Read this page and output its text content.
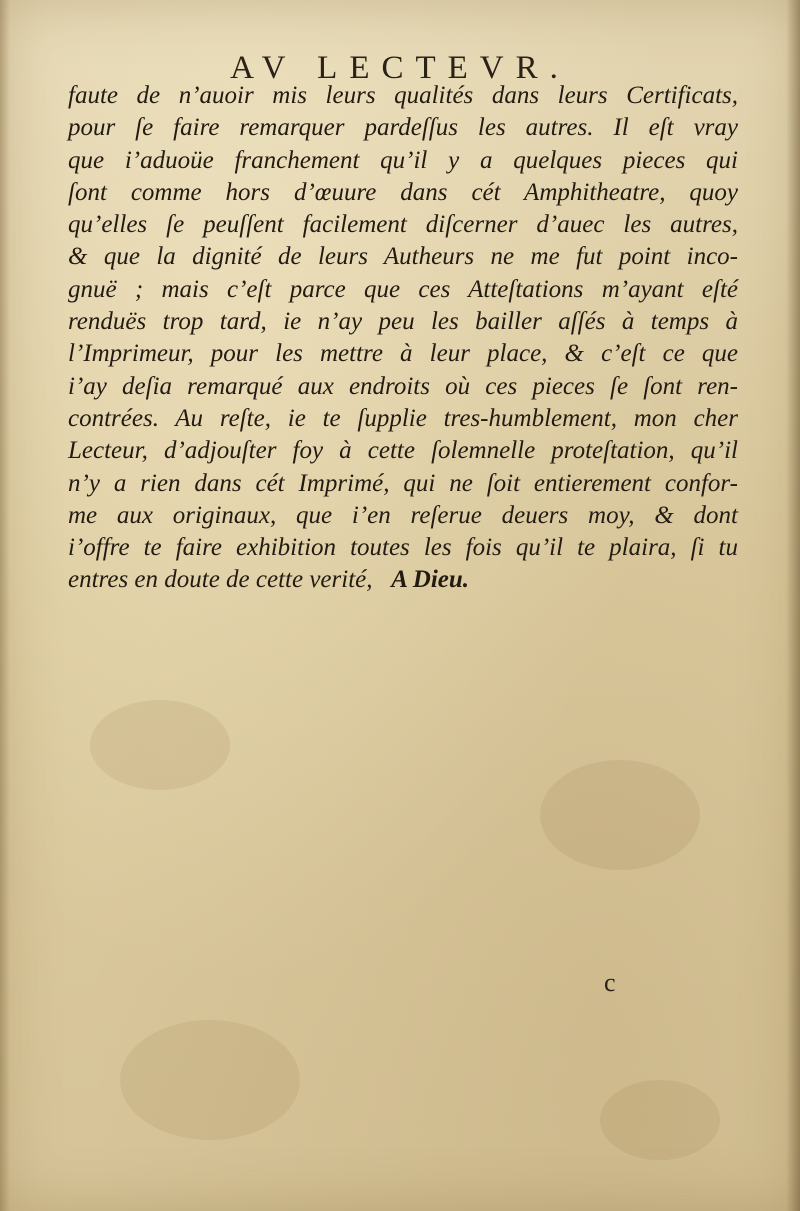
AV LECTEVR.
faute de n’auoir mis leurs qualités dans leurs Certificats,
pour ſe faire remarquer pardeſſus les autres. Il eſt vray
que i’aduoüe franchement qu’il y a quelques pieces qui
ſont comme hors d’œuure dans cét Amphitheatre, quoy
qu’elles ſe peuſſent facilement diſcerner d’auec les autres,
& que la dignité de leurs Autheurs ne me fut point inco-
gnuë ; mais c’eſt parce que ces Atteſtations m’ayant eſté
renduës trop tard, ie n’ay peu les bailler aſſés à temps à
l’Imprimeur, pour les mettre à leur place, & c’eſt ce que
i’ay deſia remarqué aux endroits où ces pieces ſe ſont ren-
contrées. Au reſte, ie te ſupplie tres-humblement, mon cher
Lecteur, d’adjouſter foy à cette ſolemnelle proteſtation, qu’il
n’y a rien dans cét Imprimé, qui ne ſoit entierement confor-
me aux originaux, que i’en reſerue deuers moy, & dont
i’offre te faire exhibition toutes les fois qu’il te plaira, ſi tu
entres en doute de cette verité, A Dieu.
c
